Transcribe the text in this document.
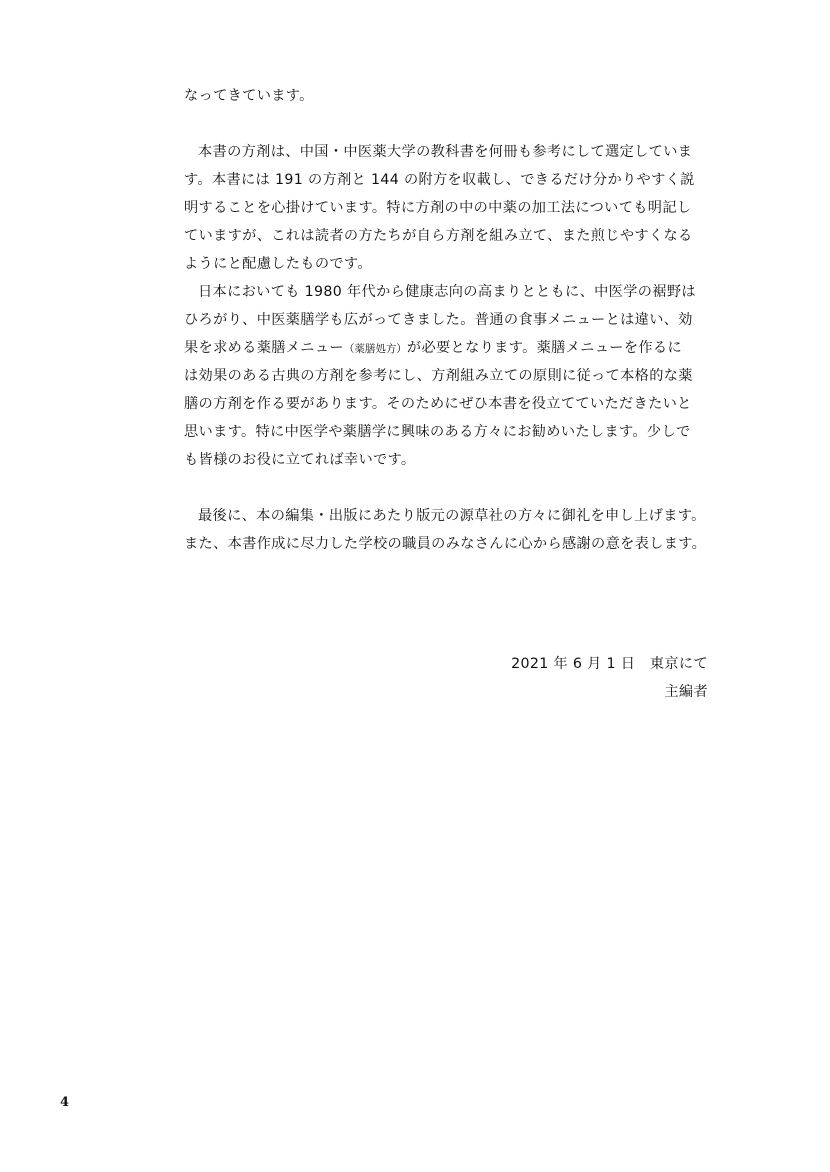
なってきています。
本書の方剤は、中国・中医薬大学の教科書を何冊も参考にして選定していま
す。本書には 191 の方剤と 144 の附方を収載し、できるだけ分かりやすく説
明することを心掛けています。特に方剤の中の中薬の加工法についても明記し
ていますが、これは読者の方たちが自ら方剤を組み立て、また煎じやすくなる
ようにと配慮したものです。
日本においても 1980 年代から健康志向の高まりとともに、中医学の裾野は
ひろがり、中医薬膳学も広がってきました。普通の食事メニューとは違い、効
果を求める薬膳メニュー（薬膳処方）が必要となります。薬膳メニューを作るに
は効果のある古典の方剤を参考にし、方剤組み立ての原則に従って本格的な薬
膳の方剤を作る要があります。そのためにぜひ本書を役立てていただきたいと
思います。特に中医学や薬膳学に興味のある方々にお勧めいたします。少しで
も皆様のお役に立てれば幸いです。
最後に、本の編集・出版にあたり版元の源草社の方々に御礼を申し上げます。
また、本書作成に尽力した学校の職員のみなさんに心から感謝の意を表します。
2021 年 6 月 1 日　東京にて
主編者
4
